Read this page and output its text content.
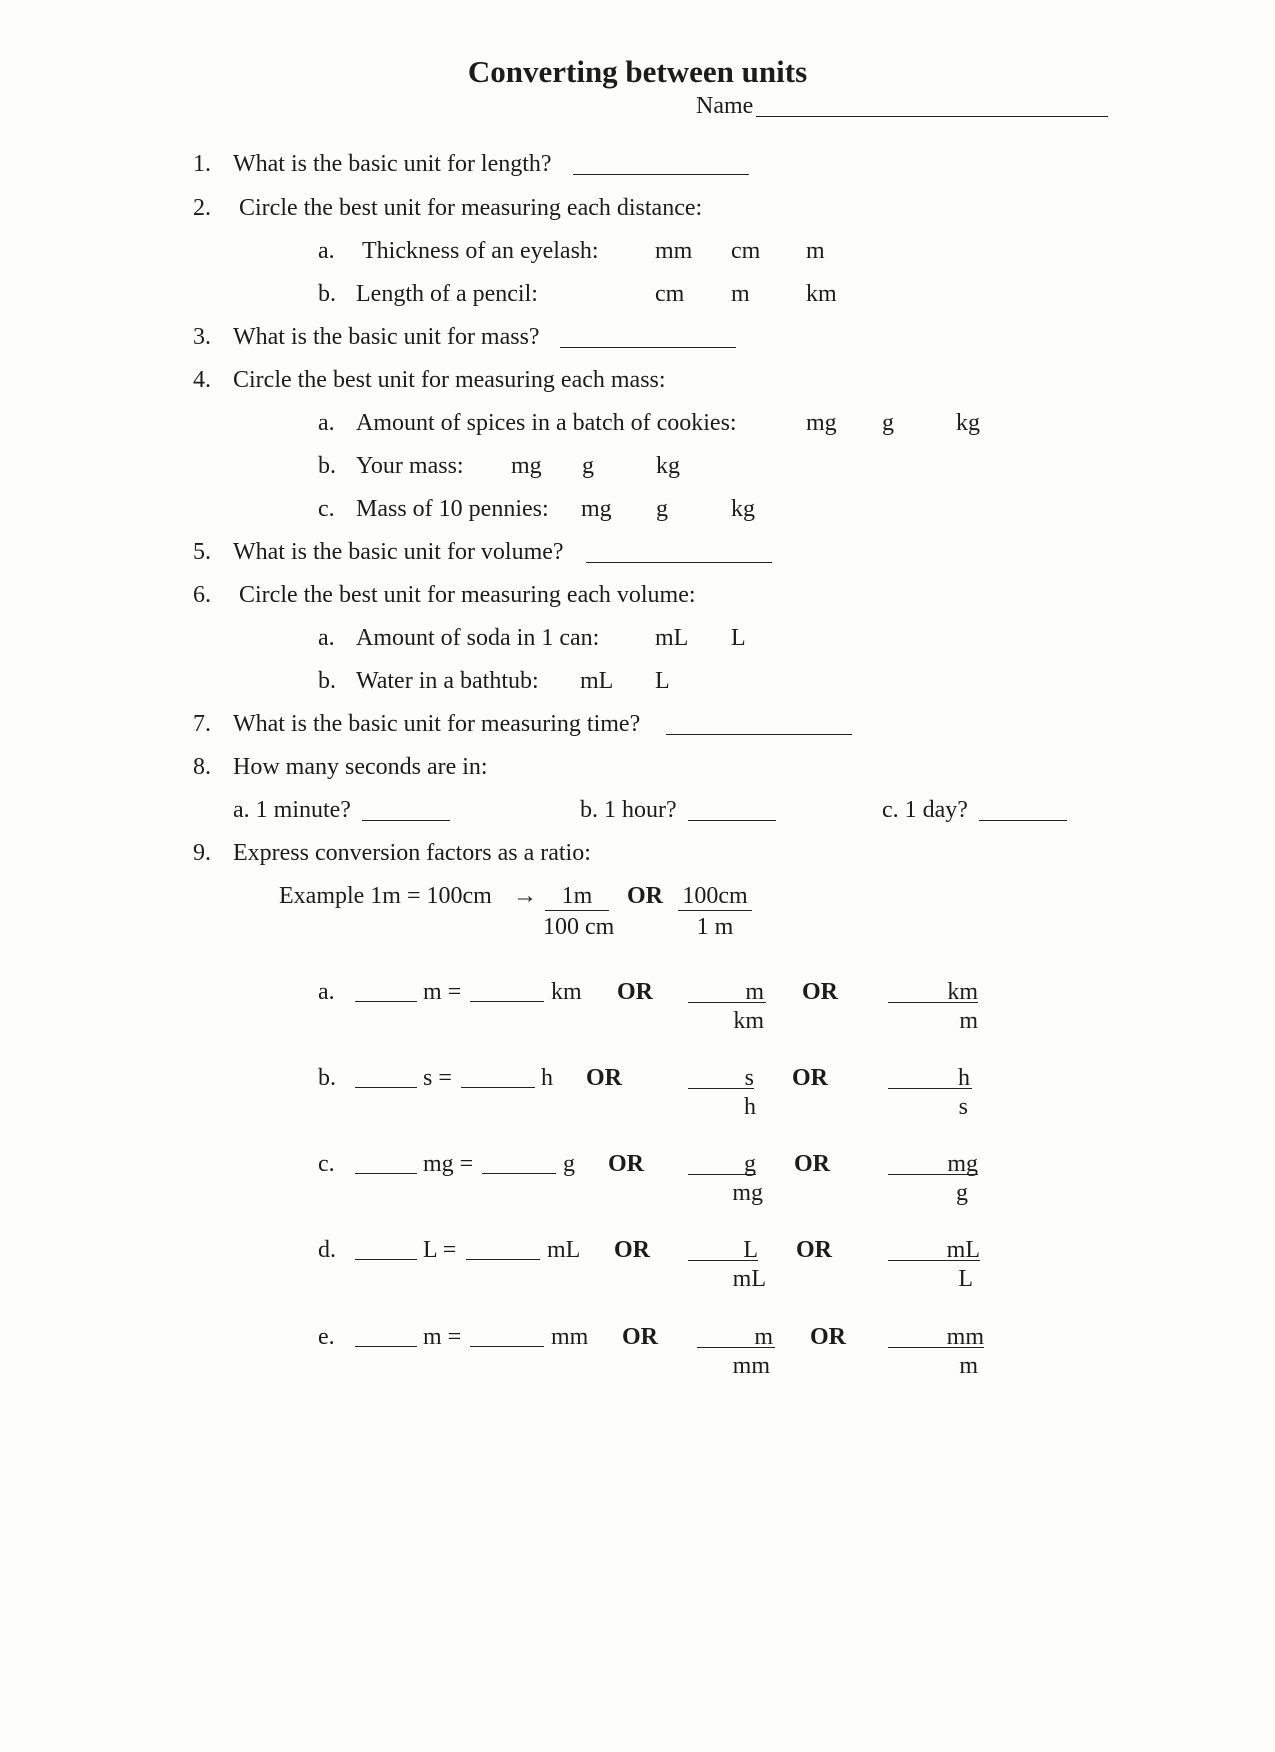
Converting between units
Name
1. What is the basic unit for length?
2. Circle the best unit for measuring each distance:
a. Thickness of an eyelash: mm cm m
b. Length of a pencil:	cm m km
3. What is the basic unit for mass?
4. Circle the best unit for measuring each mass:
a. Amount of spices in a batch of cookies:	mg g	kg
b. Your mass: mg g	kg
c. Mass of 10 pennies: mg g	kg
5. What is the basic unit for volume?
6. Circle the best unit for measuring each volume:
a. Amount of soda in 1 can: mL L
b. Water in a bathtub: mL L
7. What is the basic unit for measuring time?
8. How many seconds are in:
a. 1 minute?	b. 1 hour?	c. 1 day?
9. Express conversion factors as a ratio:
Example 1m = 100cm →	1m
100 cm
OR 100cm
1 m
a.	m =	km OR	m
km
OR	km
m
b.	s =	h OR	s
h
OR	h
s
c.	mg =	g OR	g
mg
OR	mg
g
d.	L =	mL OR	L
mL
OR	mL
L
e.	m =	mm OR	m
mm
OR	mm
m
